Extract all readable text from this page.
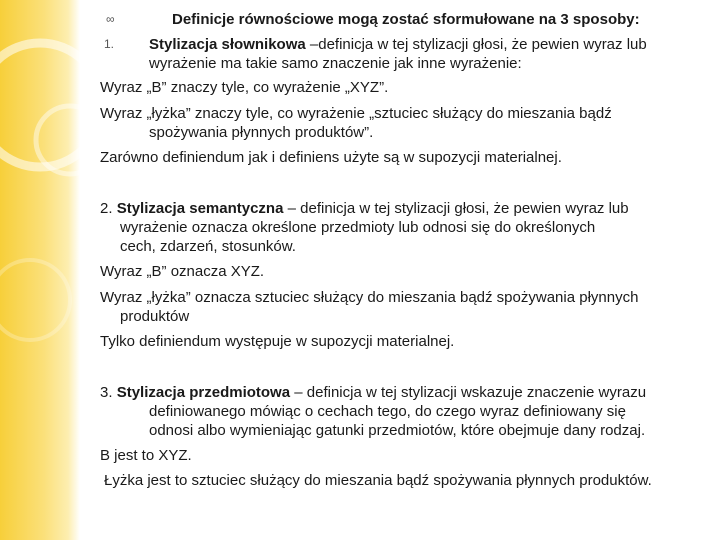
∞	Definicje równościowe mogą zostać sformułowane na 3 sposoby:
1. Stylizacja słownikowa –definicja w tej stylizacji głosi, że pewien wyraz lub
wyrażenie ma takie samo znaczenie jak inne wyrażenie:
Wyraz „B” znaczy tyle, co wyrażenie „XYZ”.
Wyraz „łyżka” znaczy tyle, co wyrażenie „sztuciec służący do mieszania bądź
spożywania płynnych produktów”.
Zarówno definiendum jak i definiens użyte są w supozycji materialnej.
2. Stylizacja semantyczna – definicja w tej stylizacji głosi, że pewien wyraz lub
wyrażenie oznacza określone przedmioty lub odnosi się do określonych
cech, zdarzeń, stosunków.
Wyraz „B” oznacza XYZ.
Wyraz „łyżka” oznacza sztuciec służący do mieszania bądź spożywania płynnych
produktów
Tylko definiendum występuje w supozycji materialnej.
3. Stylizacja przedmiotowa – definicja w tej stylizacji wskazuje znaczenie wyrazu
definiowanego mówiąc o cechach tego, do czego wyraz definiowany się
odnosi albo wymieniając gatunki przedmiotów, które obejmuje dany rodzaj.
B jest to XYZ.
Łyżka jest to sztuciec służący do mieszania bądź spożywania płynnych produktów.
